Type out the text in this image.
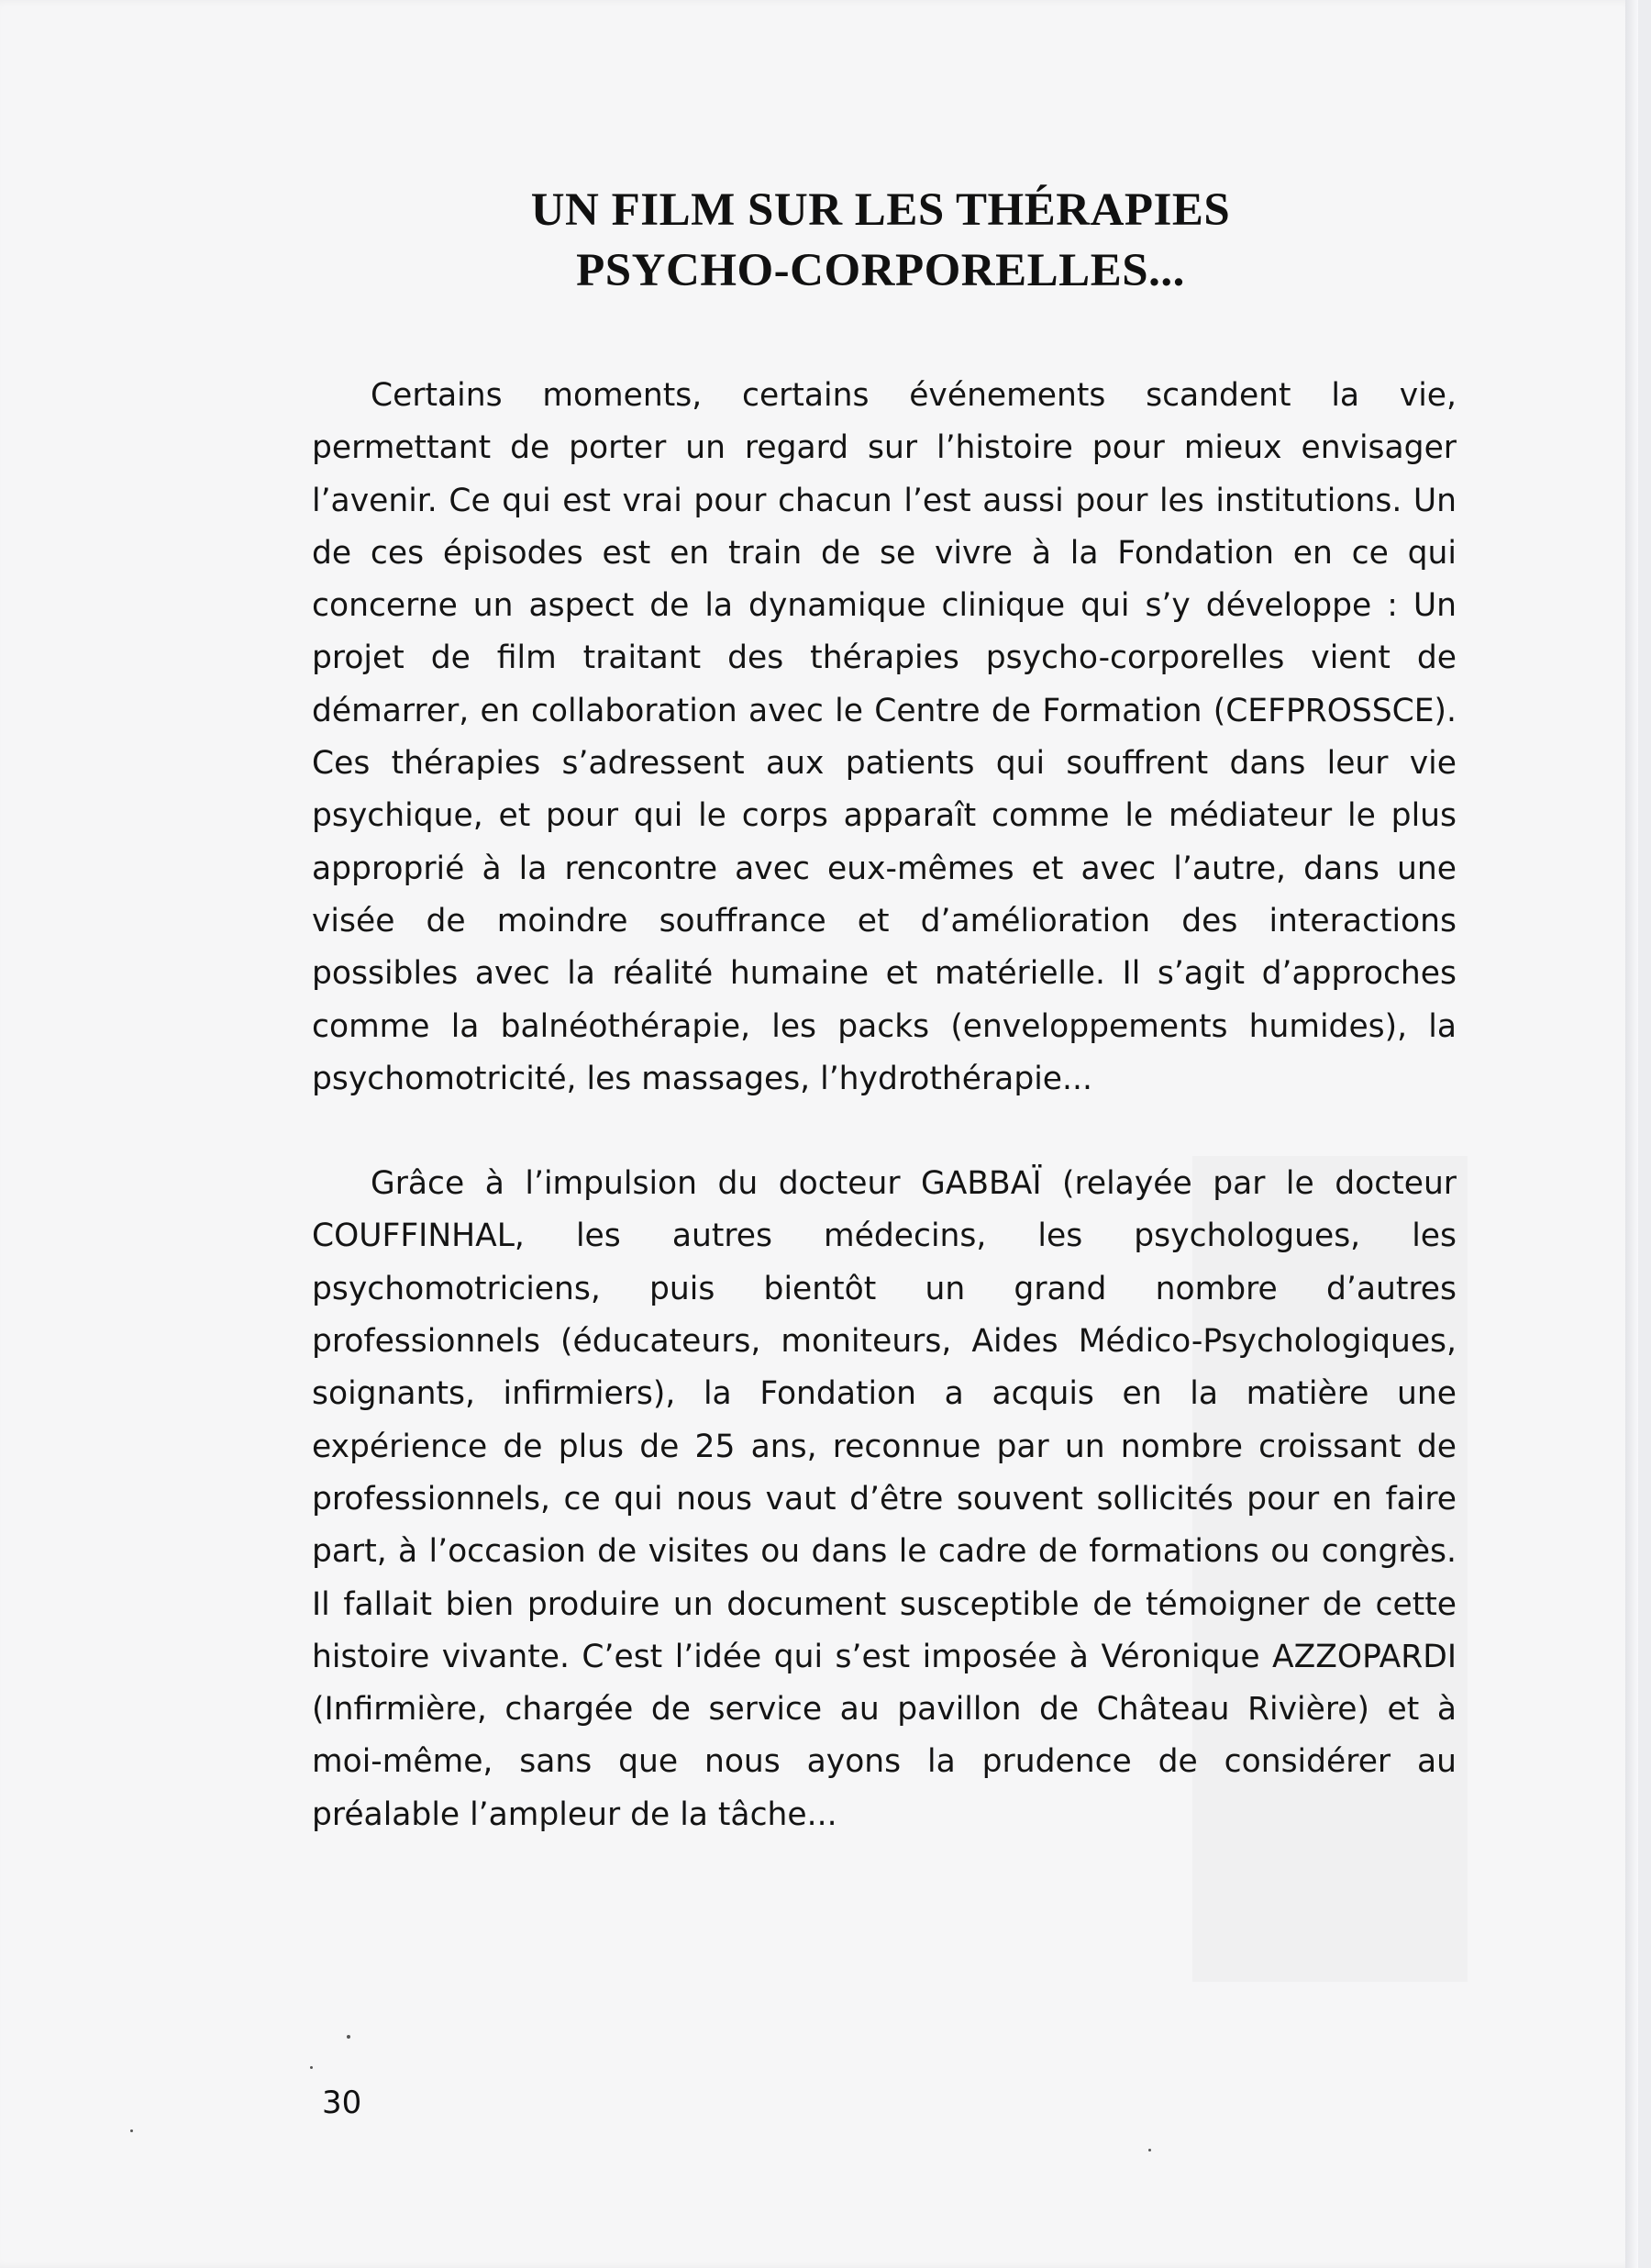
UN FILM SUR LES THÉRAPIES
PSYCHO-CORPORELLES...

Certains moments, certains événements scandent la vie, permettant de porter un regard sur l’histoire pour mieux envisager l’avenir. Ce qui est vrai pour chacun l’est aussi pour les institutions. Un de ces épisodes est en train de se vivre à la Fondation en ce qui concerne un aspect de la dynamique clinique qui s’y développe : Un projet de film traitant des thérapies psycho-corporelles vient de démarrer, en collaboration avec le Centre de Formation (CEFPROSSCE). Ces thérapies s’adressent aux patients qui souffrent dans leur vie psychique, et pour qui le corps apparaît comme le médiateur le plus approprié à la rencontre avec eux-mêmes et avec l’autre, dans une visée de moindre souffrance et d’amélioration des interactions possibles avec la réalité humaine et matérielle. Il s’agit d’approches comme la balnéothérapie, les packs (enveloppements humides), la psychomotricité, les massages, l’hydrothérapie...

Grâce à l’impulsion du docteur GABBAÏ (relayée par le docteur COUFFINHAL, les autres médecins, les psychologues, les psychomotriciens, puis bientôt un grand nombre d’autres professionnels (éducateurs, moniteurs, Aides Médico-Psychologiques, soignants, infirmiers), la Fondation a acquis en la matière une expérience de plus de 25 ans, reconnue par un nombre croissant de professionnels, ce qui nous vaut d’être souvent sollicités pour en faire part, à l’occasion de visites ou dans le cadre de formations ou congrès. Il fallait bien produire un document susceptible de témoigner de cette histoire vivante. C’est l’idée qui s’est imposée à Véronique AZZOPARDI (Infirmière, chargée de service au pavillon de Château Rivière) et à moi-même, sans que nous ayons la prudence de considérer au préalable l’ampleur de la tâche...

30
